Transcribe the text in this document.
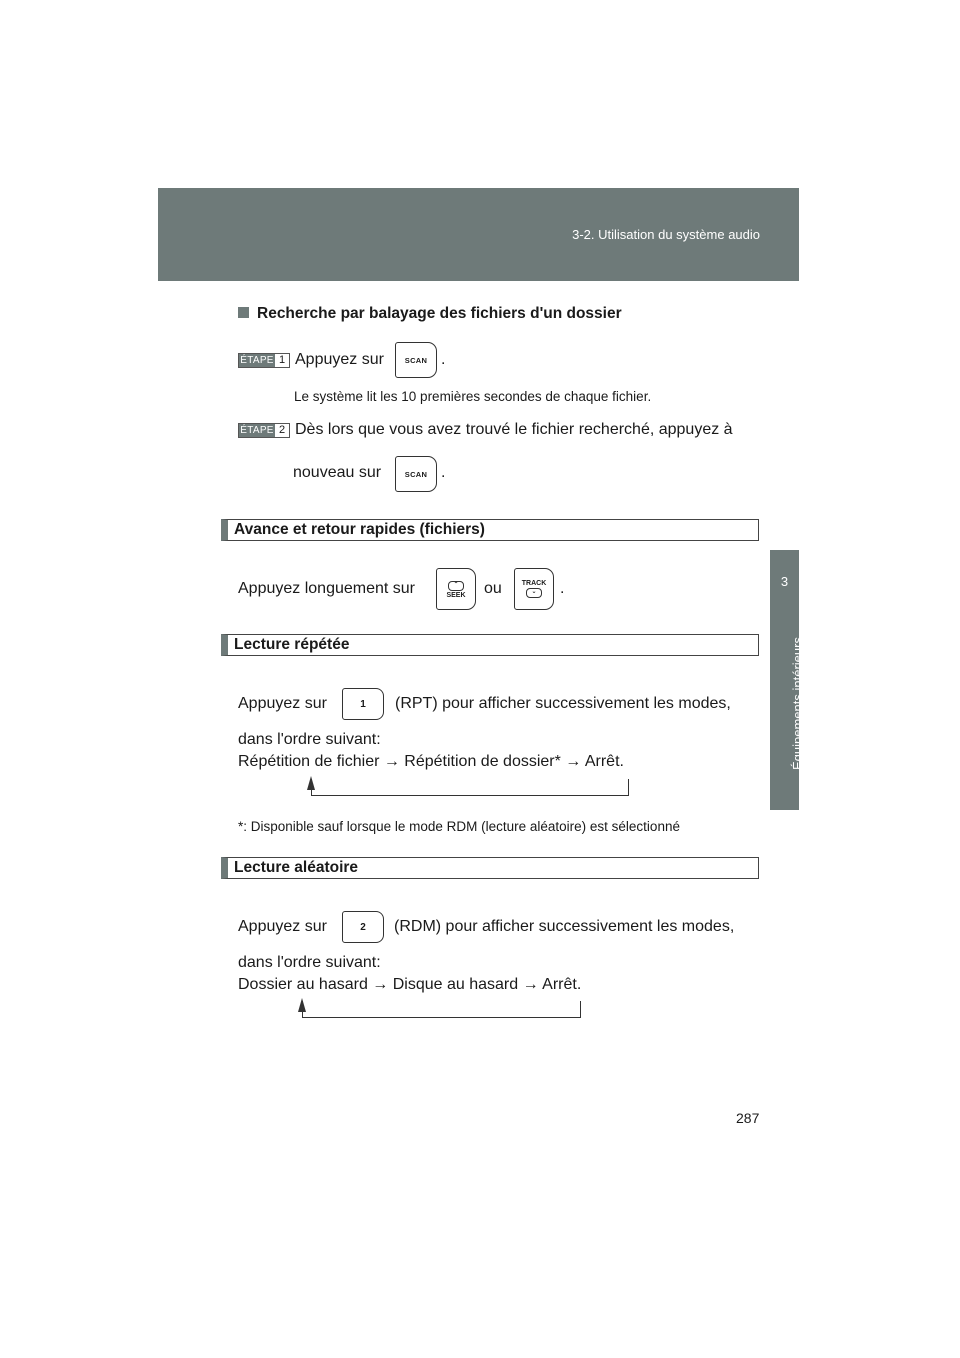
3-2. Utilisation du système audio
3
Équipements intérieurs
Recherche par balayage des fichiers d'un dossier
ÉTAPE 1 Appuyez sur	SCAN .
Le système lit les 10 premières secondes de chaque fichier.
ÉTAPE 2 Dès lors que vous avez trouvé le fichier recherché, appuyez à
nouveau sur	SCAN .
Avance et retour rapides (fichiers)
Appuyez longuement sur	⌃
SEEK ou	TRACK
⌄	.
Lecture répétée
Appuyez sur	1 (RPT) pour afficher successivement les modes,
dans l'ordre suivant:
Répétition de fichier → Répétition de dossier* → Arrêt.
*: Disponible sauf lorsque le mode RDM (lecture aléatoire) est sélectionné
Lecture aléatoire
Appuyez sur	2 (RDM) pour afficher successivement les modes,
dans l'ordre suivant:
Dossier au hasard → Disque au hasard → Arrêt.
287
